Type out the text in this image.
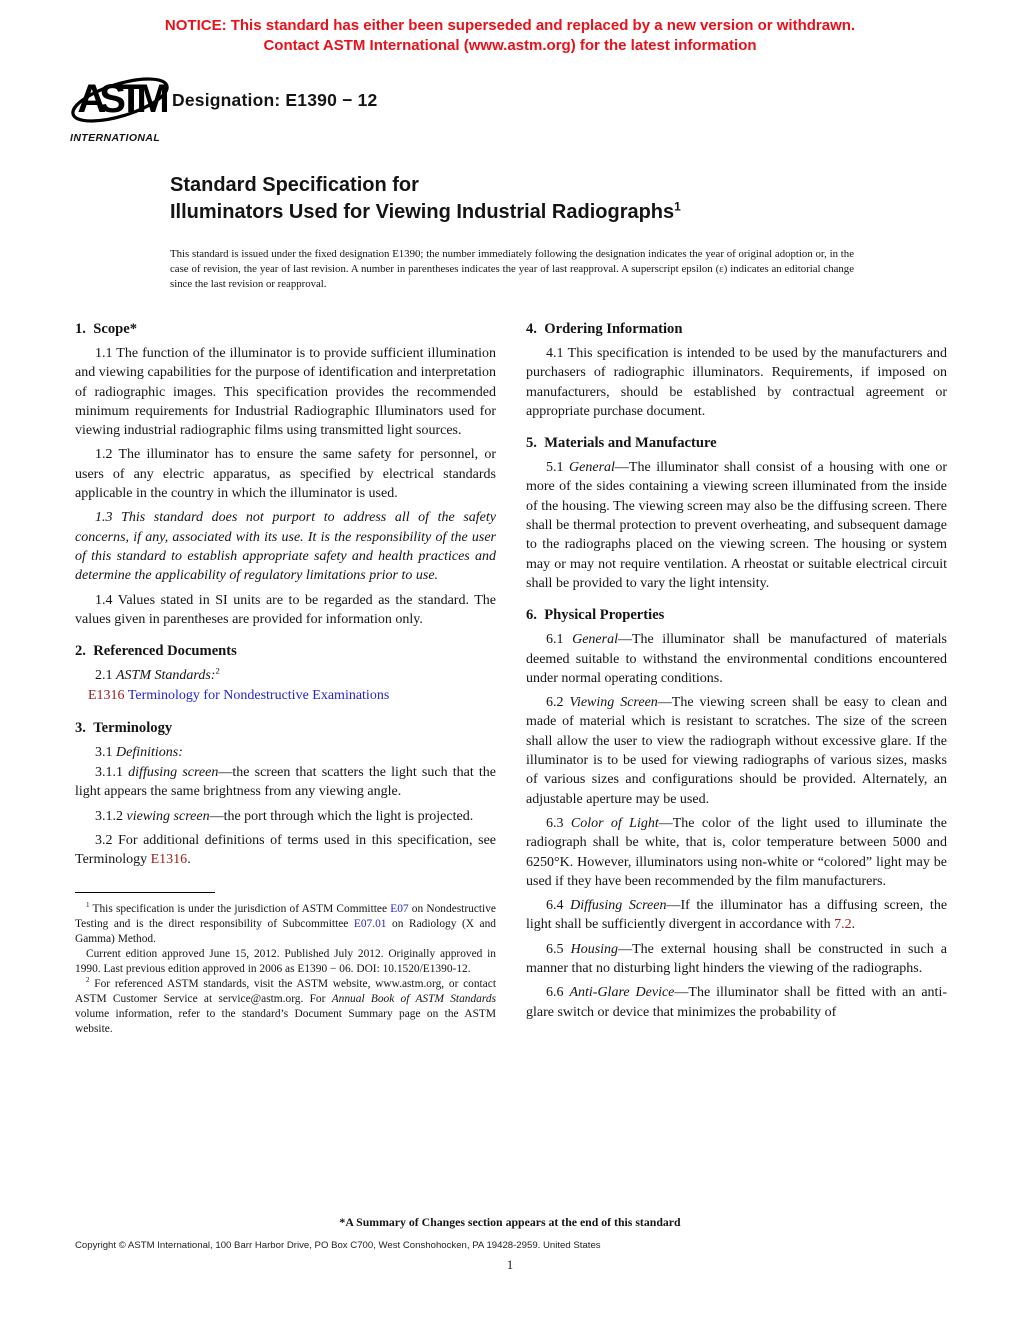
NOTICE: This standard has either been superseded and replaced by a new version or withdrawn.
Contact ASTM International (www.astm.org) for the latest information
ASTM
INTERNATIONAL
Designation: E1390 − 12
Standard Specification for
Illuminators Used for Viewing Industrial Radiographs$^1$
This standard is issued under the fixed designation E1390; the number immediately following the designation indicates the year of original adoption or, in the case of revision, the year of last revision. A number in parentheses indicates the year of last reapproval. A superscript epsilon (ε) indicates an editorial change since the last revision or reapproval.
1. Scope*

1.1 The function of the illuminator is to provide sufficient illumination and viewing capabilities for the purpose of identification and interpretation of radiographic images. This specification provides the recommended minimum requirements for Industrial Radiographic Illuminators used for viewing industrial radiographic films using transmitted light sources.

1.2 The illuminator has to ensure the same safety for personnel, or users of any electric apparatus, as specified by electrical standards applicable in the country in which the illuminator is used.

1.3 This standard does not purport to address all of the safety concerns, if any, associated with its use. It is the responsibility of the user of this standard to establish appropriate safety and health practices and determine the applicability of regulatory limitations prior to use.

1.4 Values stated in SI units are to be regarded as the standard. The values given in parentheses are provided for information only.

2. Referenced Documents

2.1 ASTM Standards:$^2$

E1316 Terminology for Nondestructive Examinations

3. Terminology

3.1 Definitions:

3.1.1 diffusing screen—the screen that scatters the light such that the light appears the same brightness from any viewing angle.

3.1.2 viewing screen—the port through which the light is projected.

3.2 For additional definitions of terms used in this specification, see Terminology E1316.

$^1$ This specification is under the jurisdiction of ASTM Committee E07 on Nondestructive Testing and is the direct responsibility of Subcommittee E07.01 on Radiology (X and Gamma) Method.

Current edition approved June 15, 2012. Published July 2012. Originally approved in 1990. Last previous edition approved in 2006 as E1390 − 06. DOI: 10.1520/E1390-12.

$^2$ For referenced ASTM standards, visit the ASTM website, www.astm.org, or contact ASTM Customer Service at service@astm.org. For Annual Book of ASTM Standards volume information, refer to the standard’s Document Summary page on the ASTM website.

4. Ordering Information

4.1 This specification is intended to be used by the manufacturers and purchasers of radiographic illuminators. Requirements, if imposed on manufacturers, should be established by contractual agreement or appropriate purchase document.

5. Materials and Manufacture

5.1 General—The illuminator shall consist of a housing with one or more of the sides containing a viewing screen illuminated from the inside of the housing. The viewing screen may also be the diffusing screen. There shall be thermal protection to prevent overheating, and subsequent damage to the radiographs placed on the viewing screen. The housing or system may or may not require ventilation. A rheostat or suitable electrical circuit shall be provided to vary the light intensity.

6. Physical Properties

6.1 General—The illuminator shall be manufactured of materials deemed suitable to withstand the environmental conditions encountered under normal operating conditions.

6.2 Viewing Screen—The viewing screen shall be easy to clean and made of material which is resistant to scratches. The size of the screen shall allow the user to view the radiograph without excessive glare. If the illuminator is to be used for viewing radiographs of various sizes, masks of various sizes and configurations should be provided. Alternately, an adjustable aperture may be used.

6.3 Color of Light—The color of the light used to illuminate the radiograph shall be white, that is, color temperature between 5000 and 6250°K. However, illuminators using non-white or “colored” light may be used if they have been recommended by the film manufacturers.

6.4 Diffusing Screen—If the illuminator has a diffusing screen, the light shall be sufficiently divergent in accordance with 7.2.

6.5 Housing—The external housing shall be constructed in such a manner that no disturbing light hinders the viewing of the radiographs.

6.6 Anti-Glare Device—The illuminator shall be fitted with an anti-glare switch or device that minimizes the probability of

*A Summary of Changes section appears at the end of this standard
Copyright © ASTM International, 100 Barr Harbor Drive, PO Box C700, West Conshohocken, PA 19428-2959. United States
1
